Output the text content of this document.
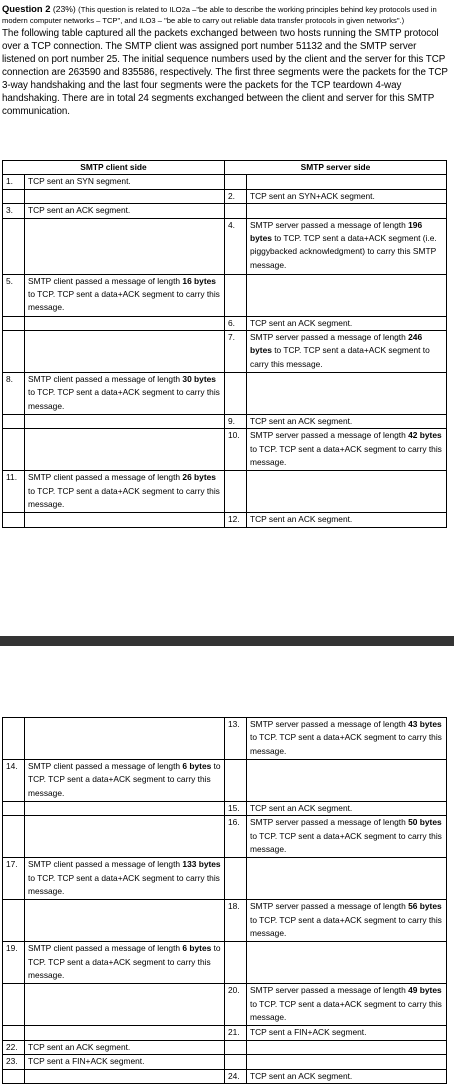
Question 2 (23%) (This question is related to ILO2a –"be able to describe the working principles behind key protocols used in modern computer networks – TCP", and ILO3 – "be able to carry out reliable data transfer protocols in given networks".)

The following table captured all the packets exchanged between two hosts running the SMTP protocol over a TCP connection. The SMTP client was assigned port number 51132 and the SMTP server listened on port number 25. The initial sequence numbers used by the client and the server for this TCP connection are 263590 and 835586, respectively. The first three segments were the packets for the TCP 3-way handshaking and the last four segments were the packets for the TCP teardown 4-way handshaking. There are in total 24 segments exchanged between the client and server for this SMTP communication.

SMTP client side		SMTP server side	
1.	TCP sent an SYN segment.		

		2.	TCP sent an SYN+ACK segment.

3.	TCP sent an ACK segment.		

		4.	SMTP server passed a message of length 196 bytes to TCP. TCP sent a data+ACK segment (i.e. piggybacked acknowledgment) to carry this SMTP message.

5.	SMTP client passed a message of length 16 bytes to TCP. TCP sent a data+ACK segment to carry this message.		

		6.	TCP sent an ACK segment.

		7.	SMTP server passed a message of length 246 bytes to TCP. TCP sent a data+ACK segment to carry this message.

8.	SMTP client passed a message of length 30 bytes to TCP. TCP sent a data+ACK segment to carry this message.		

		9.	TCP sent an ACK segment.

		10.	SMTP server passed a message of length 42 bytes to TCP. TCP sent a data+ACK segment to carry this message.

11.	SMTP client passed a message of length 26 bytes to TCP. TCP sent a data+ACK segment to carry this message.		

		12.	TCP sent an ACK segment.
		13.	SMTP server passed a message of length 43 bytes to TCP. TCP sent a data+ACK segment to carry this message.

14.	SMTP client passed a message of length 6 bytes to TCP. TCP sent a data+ACK segment to carry this message.		

		15.	TCP sent an ACK segment.

		16.	SMTP server passed a message of length 50 bytes to TCP. TCP sent a data+ACK segment to carry this message.

17.	SMTP client passed a message of length 133 bytes to TCP. TCP sent a data+ACK segment to carry this message.		

		18.	SMTP server passed a message of length 56 bytes to TCP. TCP sent a data+ACK segment to carry this message.

19.	SMTP client passed a message of length 6 bytes to TCP. TCP sent a data+ACK segment to carry this message.		

		20.	SMTP server passed a message of length 49 bytes to TCP. TCP sent a data+ACK segment to carry this message.

		21.	TCP sent a FIN+ACK segment.

22.	TCP sent an ACK segment.		

23.	TCP sent a FIN+ACK segment.		

		24.	TCP sent an ACK segment.
